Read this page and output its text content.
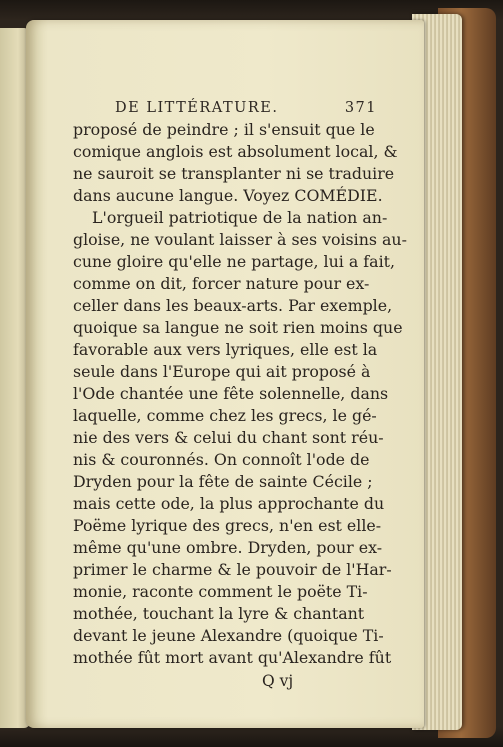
DE LITTÉRATURE.	371
proposé de peindre ; il s'ensuit que le
comique anglois est absolument local, &
ne sauroit se transplanter ni se traduire
dans aucune langue. Voyez COMÉDIE.
L'orgueil patriotique de la nation an-
gloise, ne voulant laisser à ses voisins au-
cune gloire qu'elle ne partage, lui a fait,
comme on dit, forcer nature pour ex-
celler dans les beaux-arts. Par exemple,
quoique sa langue ne soit rien moins que
favorable aux vers lyriques, elle est la
seule dans l'Europe qui ait proposé à
l'Ode chantée une fête solennelle, dans
laquelle, comme chez les grecs, le gé-
nie des vers & celui du chant sont réu-
nis & couronnés. On connoît l'ode de
Dryden pour la fête de sainte Cécile ;
mais cette ode, la plus approchante du
Poëme lyrique des grecs, n'en est elle-
même qu'une ombre. Dryden, pour ex-
primer le charme & le pouvoir de l'Har-
monie, raconte comment le poëte Ti-
mothée, touchant la lyre & chantant
devant le jeune Alexandre (quoique Ti-
mothée fût mort avant qu'Alexandre fût
Q vj
